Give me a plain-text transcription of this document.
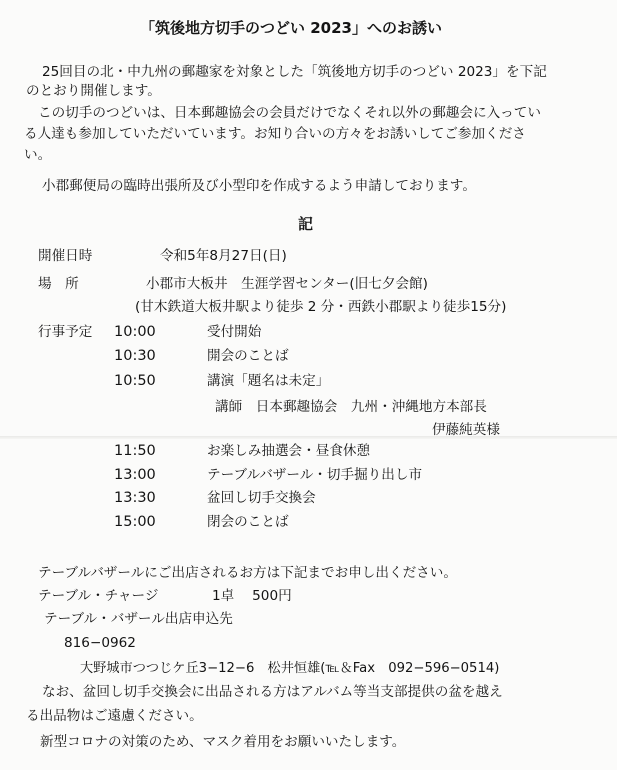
「筑後地方切手のつどい 2023」へのお誘い
25回目の北・中九州の郵趣家を対象とした「筑後地方切手のつどい 2023」を下記
のとおり開催します。
この切手のつどいは、日本郵趣協会の会員だけでなくそれ以外の郵趣会に入ってい
る人達も参加していただいています。お知り合いの方々をお誘いしてご参加くださ
い。
小郡郵便局の臨時出張所及び小型印を作成するよう申請しております。
記
開催日時	令和5年8月27日(日)
場　所	小郡市大板井　生涯学習センター(旧七夕会館)
(甘木鉄道大板井駅より徒歩 2 分・西鉄小郡駅より徒歩15分)
行事予定 10:00	受付開始
10:30	開会のことば
10:50	講演「題名は未定」
講師　日本郵趣協会　九州・沖縄地方本部長
伊藤純英様
11:50	お楽しみ抽選会・昼食休憩
13:00	テーブルバザール・切手掘り出し市
13:30	盆回し切手交換会
15:00	閉会のことば
テーブルバザールにご出店されるお方は下記までお申し出ください。
テーブル・チャージ	1卓　 500円
テーブル・バザール出店申込先
816−0962
大野城市つつじケ丘3−12−6　松井恒雄(℡＆Fax　092−596−0514)
なお、盆回し切手交換会に出品される方はアルバム等当支部提供の盆を越え
る出品物はご遠慮ください。
新型コロナの対策のため、マスク着用をお願いいたします。
